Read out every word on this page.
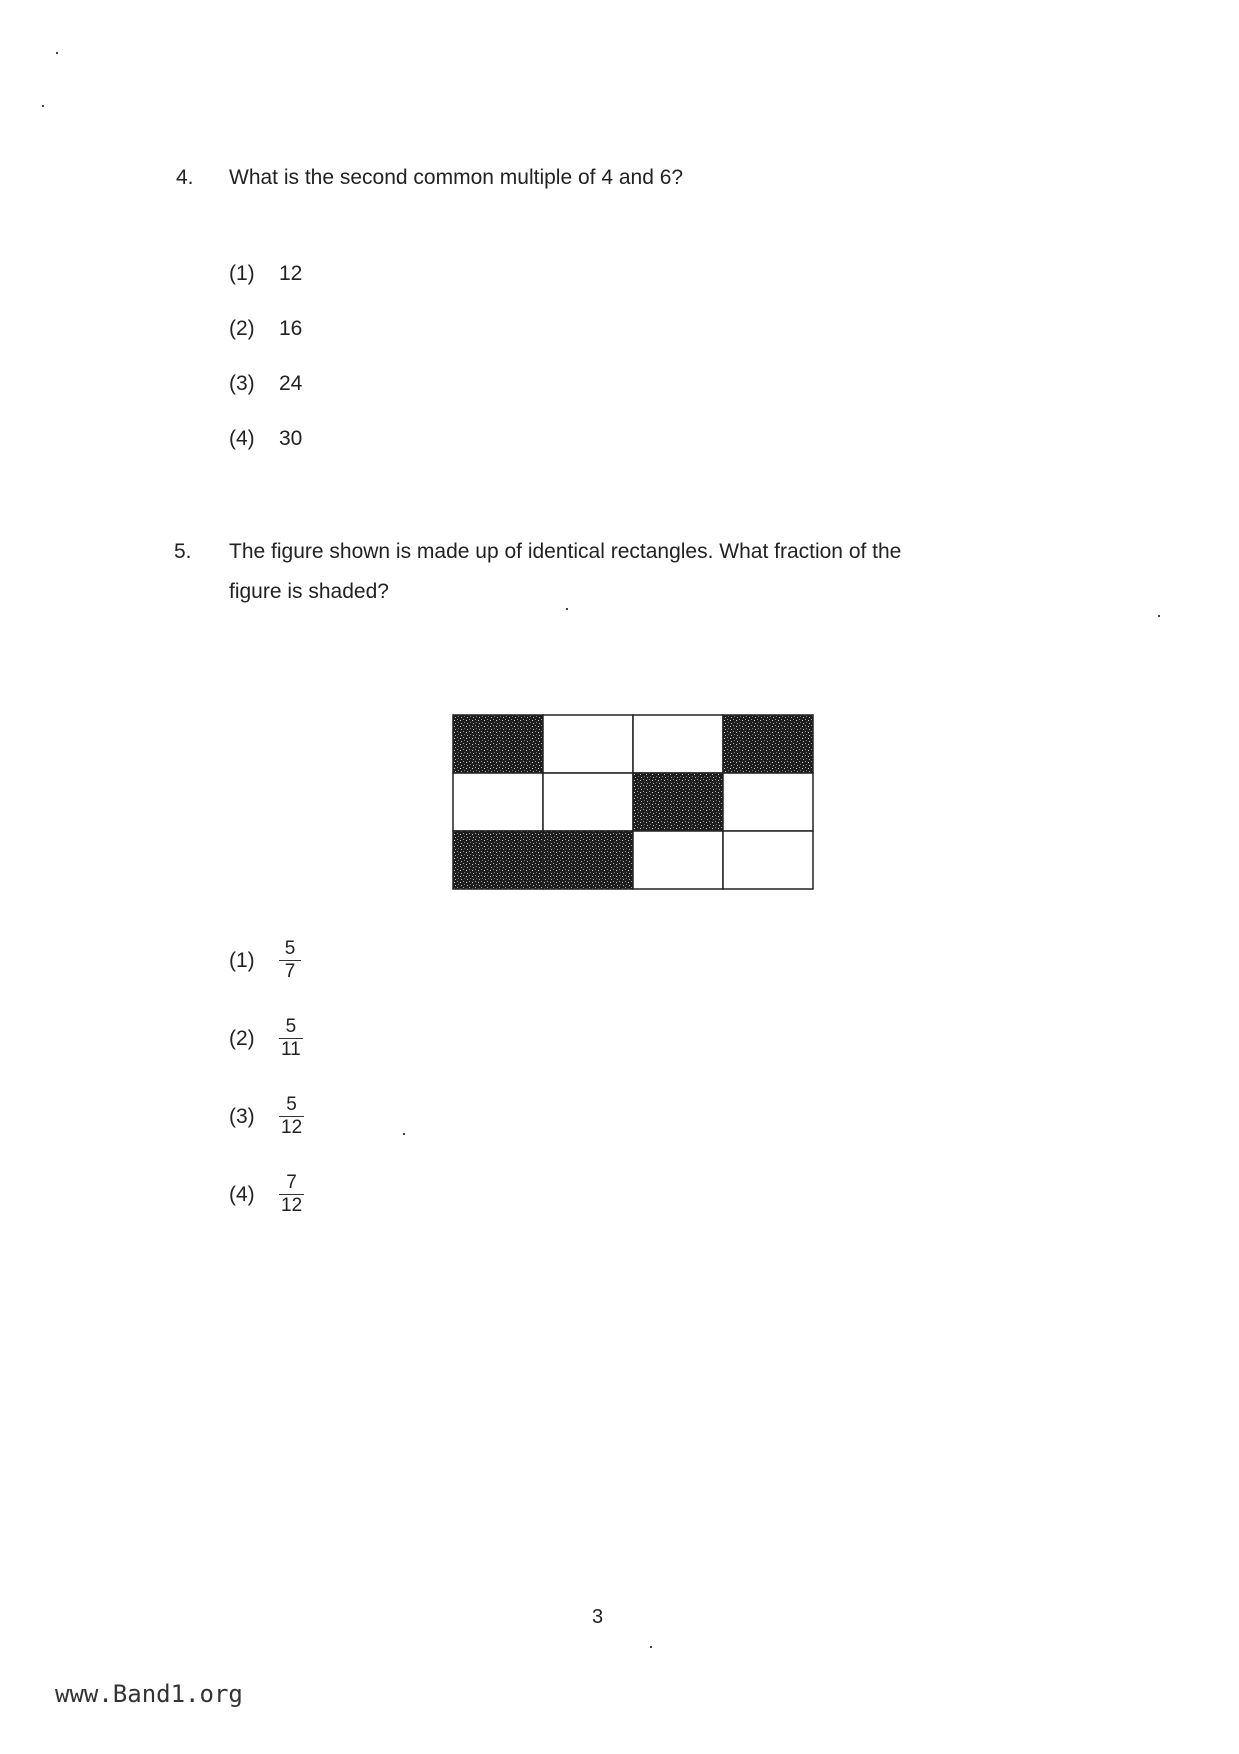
4. What is the second common multiple of 4 and 6?
(1)	12
(2)	16
(3)	24
(4)	30
5. The figure shown is made up of identical rectangles. What fraction of the
figure is shaded?
(1)	$\frac{5}{7}$
(2)	$\frac{5}{11}$
(3)	$\frac{5}{12}$
(4)	$\frac{7}{12}$
3
www.Band1.org
